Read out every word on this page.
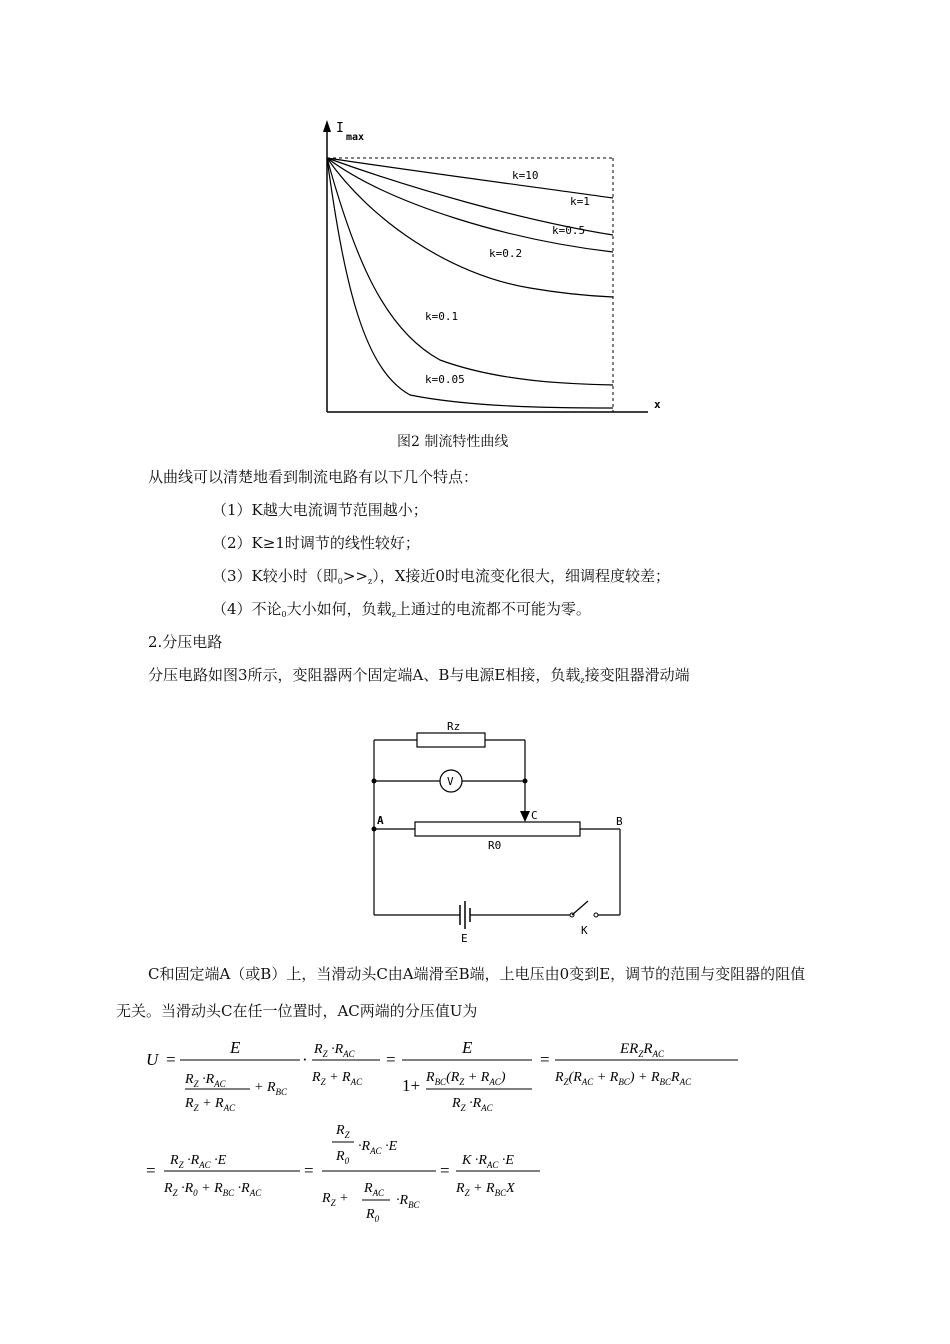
I
max
x
k=10
k=1
k=0.5
k=0.2
k=0.1
k=0.05
图2 制流特性曲线
从曲线可以清楚地看到制流电路有以下几个特点：
（1）K越大电流调节范围越小；
（2）K≥1时调节的线性较好；
（3）K较小时（即$_0>>_z$），X接近0时电流变化很大，细调程度较差；
（4）不论$_0$大小如何，负载$_z$上通过的电流都不可能为零。
2.分压电路
分压电路如图3所示，变阻器两个固定端A、B与电源E相接，负载$_z$接变阻器滑动端
Rz
V
C
A	B
R0
E
K
C和固定端A（或B）上，当滑动头C由A端滑至B端，上电压由0变到E，调节的范围与变阻器的阻值
无关。当滑动头C在任一位置时，AC两端的分压值U为
U =
E
$R_Z \cdot R_{AC}$
$R_Z + R_{AC}$
+ $R_{BC}$
·
$R_Z \cdot R_{AC}$
$R_Z + R_{AC}$
=
E
$1+ R_{BC}(R_Z + R_{AC})$
$R_Z \cdot R_{AC}$
=
$ER_ZR_{AC}$
$R_Z(R_{AC} + R_{BC}) + R_{BC}R_{AC}$
=
$R_Z \cdot R_{AC} \cdot E$
$R_Z \cdot R_0 + R_{BC} \cdot R_{AC}$
=
$R_Z$
$R_0$
$\cdot R_{AC} \cdot E$
$R_Z$ +
$R_{AC}$
$R_0$
$\cdot R_{BC}$
=
$K \cdot R_{AC} \cdot E$
$R_Z + R_{BC}X$
